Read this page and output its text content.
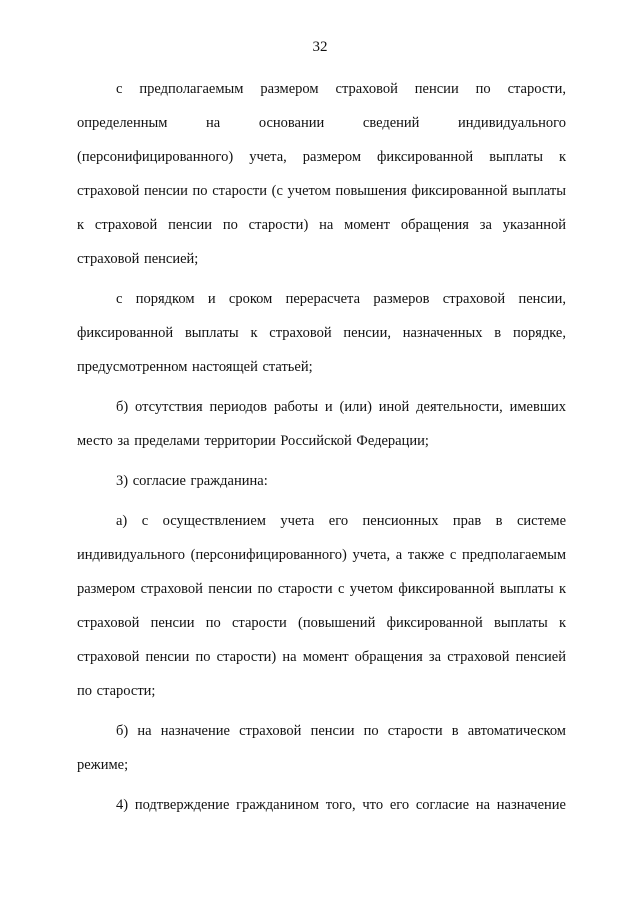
32

с предполагаемым размером страховой пенсии по старости, определенным на основании сведений индивидуального (персонифицированного) учета, размером фиксированной выплаты к страховой пенсии по старости (с учетом повышения фиксированной выплаты к страховой пенсии по старости) на момент обращения за указанной страховой пенсией;

с порядком и сроком перерасчета размеров страховой пенсии, фиксированной выплаты к страховой пенсии, назначенных в порядке, предусмотренном настоящей статьей;

б) отсутствия периодов работы и (или) иной деятельности, имевших место за пределами территории Российской Федерации;

3) согласие гражданина:

а) с осуществлением учета его пенсионных прав в системе индивидуального (персонифицированного) учета, а также с предполагаемым размером страховой пенсии по старости с учетом фиксированной выплаты к страховой пенсии по старости (повышений фиксированной выплаты к страховой пенсии по старости) на момент обращения за страховой пенсией по старости;

б) на назначение страховой пенсии по старости в автоматическом режиме;

4) подтверждение гражданином того, что его согласие на назначение
